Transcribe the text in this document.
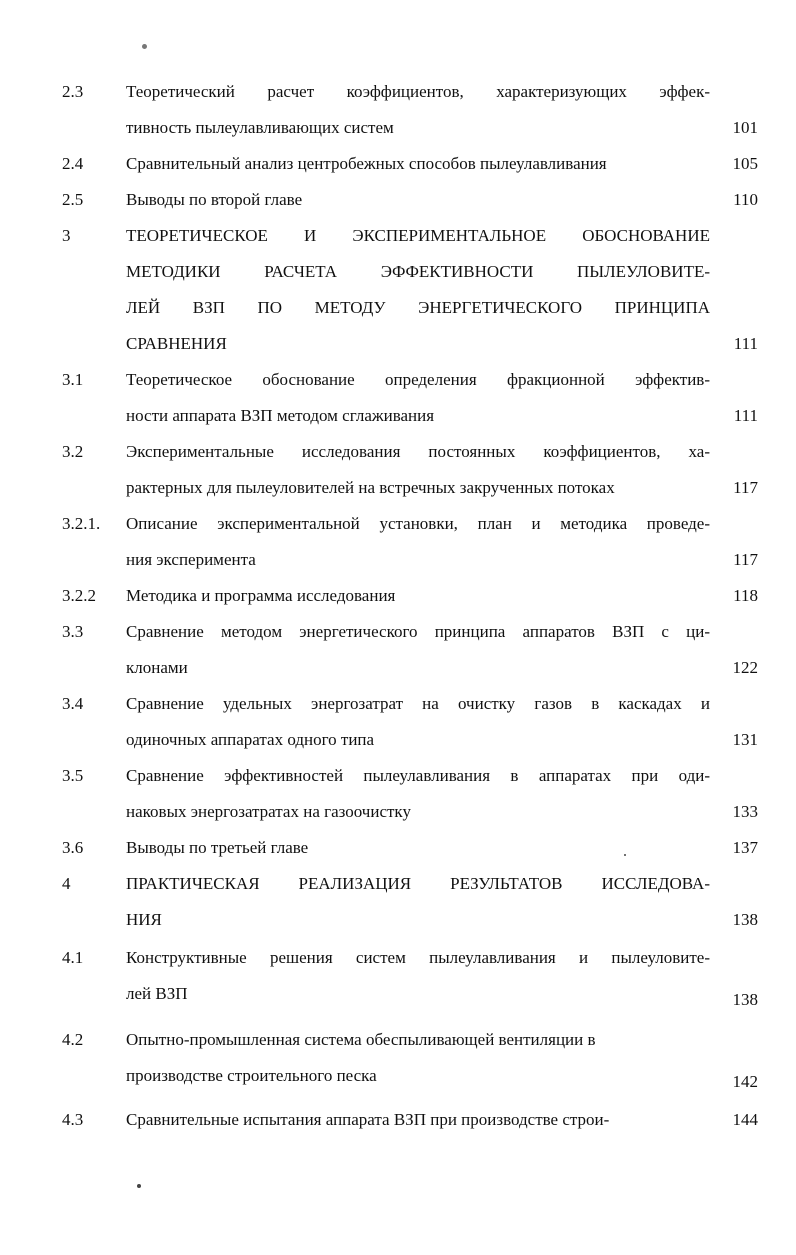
2.3	Теоретический расчет коэффициентов, характеризующих эффек-
тивность пылеулавливающих систем	101
2.4	Сравнительный анализ центробежных способов пылеулавливания	105
2.5	Выводы по второй главе	110
3	ТЕОРЕТИЧЕСКОЕ И ЭКСПЕРИМЕНТАЛЬНОЕ ОБОСНОВАНИЕ
МЕТОДИКИ РАСЧЕТА ЭФФЕКТИВНОСТИ ПЫЛЕУЛОВИТЕ-
ЛЕЙ ВЗП ПО МЕТОДУ ЭНЕРГЕТИЧЕСКОГО ПРИНЦИПА
СРАВНЕНИЯ	111
3.1	Теоретическое обоснование определения фракционной эффектив-
ности аппарата ВЗП методом сглаживания	111
3.2	Экспериментальные исследования постоянных коэффициентов, ха-
рактерных для пылеуловителей на встречных закрученных потоках	117
3.2.1. Описание экспериментальной установки, план и методика проведе-
ния эксперимента	117
3.2.2 Методика и программа исследования	118
3.3	Сравнение методом энергетического принципа аппаратов ВЗП с ци-
клонами	122
3.4	Сравнение удельных энергозатрат на очистку газов в каскадах и
одиночных аппаратах одного типа	131
3.5	Сравнение эффективностей пылеулавливания в аппаратах при оди-
наковых энергозатратах на газоочистку	133
3.6	Выводы по третьей главе	137
4	ПРАКТИЧЕСКАЯ РЕАЛИЗАЦИЯ РЕЗУЛЬТАТОВ ИССЛЕДОВА-
НИЯ	138
4.1	Конструктивные решения систем пылеулавливания и пылеуловите-
лей ВЗП	138
4.2	Опытно-промышленная система обеспыливающей вентиляции в
производстве строительного песка	142
4.3	Сравнительные испытания аппарата ВЗП при производстве строи-	144
